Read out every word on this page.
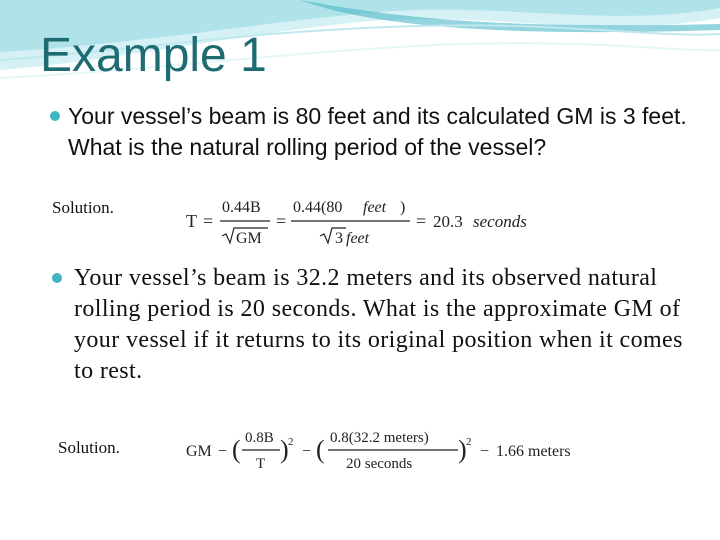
Example 1
Your vessel’s beam is 80 feet and its calculated GM is 3 feet. What is the natural rolling period of the vessel?
Solution.
T =
0.44B
GM
=
0.44(80 feet )
3 feet
= 20.3 seconds
Your vessel’s beam is 32.2 meters and its observed natural rolling period is 20 seconds. What is the approximate GM of your vessel if it returns to its original position when it comes to rest.
Solution.	GM − ( 0.8B
T ) 2
− ( 0.8(32.2 meters)
20 seconds ) 2
− 1.66 meters
